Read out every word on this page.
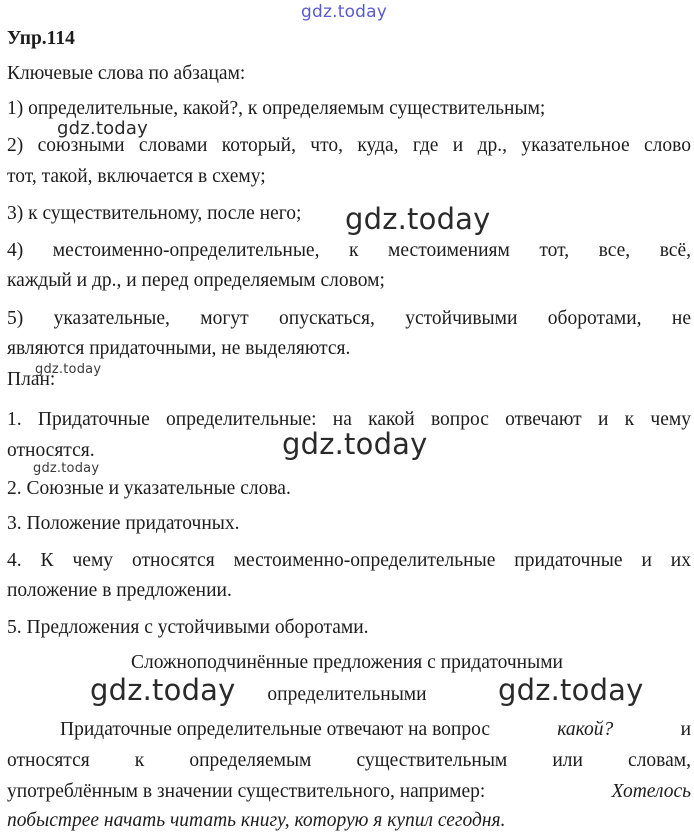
gdz.today
gdz.today
gdz.today
gdz.today
gdz.today
gdz.today
gdz.today	gdz.today
Упр.114
Ключевые слова по абзацам:
1) определительные, какой?, к определяемым существительным;
2) союзными словами который, что, куда, где и др., указательное слово
тот, такой, включается в схему;
3) к существительному, после него;
4) местоименно-определительные, к местоимениям тот, все, всё,
каждый и др., и перед определяемым словом;
5) указательные, могут опускаться, устойчивыми оборотами, не
являются придаточными, не выделяются.
План:
1. Придаточные определительные: на какой вопрос отвечают и к чему
относятся.
2. Союзные и указательные слова.
3. Положение придаточных.
4. К чему относятся местоименно-определительные придаточные и их
положение в предложении.
5. Предложения с устойчивыми оборотами.
Сложноподчинённые предложения с придаточными
определительными
Придаточные определительные отвечают на вопрос	какой?	и
относятся к определяемым существительным или словам,
употреблённым в значении существительного, например:	Хотелось
побыстрее начать читать книгу, которую я купил сегодня.
